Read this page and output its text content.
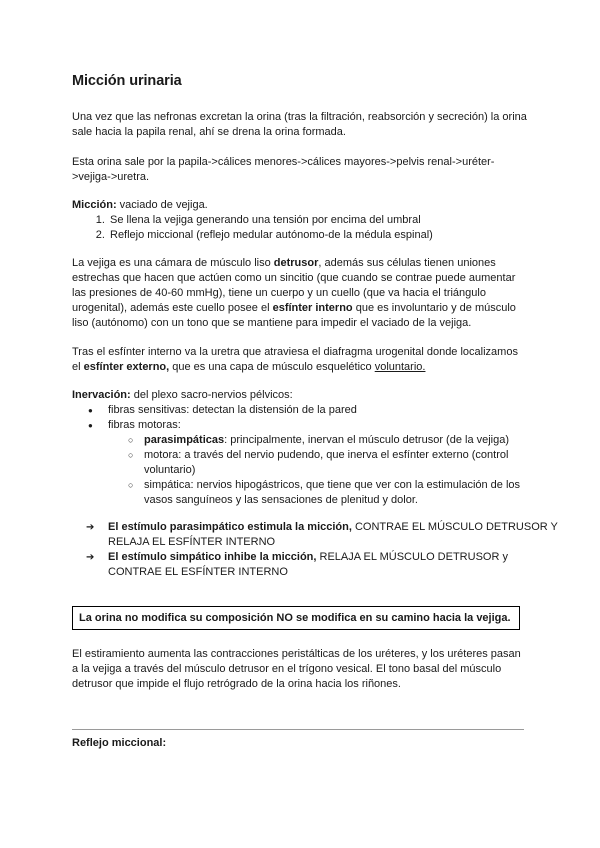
Micción urinaria

Una vez que las nefronas excretan la orina (tras la filtración, reabsorción y secreción) la orina sale hacia la papila renal, ahí se drena la orina formada.

Esta orina sale por la papila->cálices menores->cálices mayores->pelvis renal->uréter->vejiga->uretra.

Micción: vaciado de vejiga.

1. Se llena la vejiga generando una tensión por encima del umbral
2. Reflejo miccional (reflejo medular autónomo-de la médula espinal)

La vejiga es una cámara de músculo liso detrusor, además sus células tienen uniones estrechas que hacen que actúen como un sincitio (que cuando se contrae puede aumentar las presiones de 40-60 mmHg), tiene un cuerpo y un cuello (que va hacia el triángulo urogenital), además este cuello posee el esfínter interno que es involuntario y de músculo liso (autónomo) con un tono que se mantiene para impedir el vaciado de la vejiga.

Tras el esfínter interno va la uretra que atraviesa el diafragma urogenital donde localizamos el esfínter externo, que es una capa de músculo esquelético voluntario.

Inervación: del plexo sacro-nervios pélvicos:

● fibras sensitivas: detectan la distensión de la pared
● fibras motoras:
○ parasimpáticas: principalmente, inervan el músculo detrusor (de la vejiga)
○ motora: a través del nervio pudendo, que inerva el esfínter externo (control voluntario)
○ simpática: nervios hipogástricos, que tiene que ver con la estimulación de los vasos sanguíneos y las sensaciones de plenitud y dolor.
➔ El estímulo parasimpático estimula la micción, CONTRAE EL MÚSCULO DETRUSOR Y RELAJA EL ESFÍNTER INTERNO
➔ El estímulo simpático inhibe la micción, RELAJA EL MÚSCULO DETRUSOR y CONTRAE EL ESFÍNTER INTERNO
La orina no modifica su composición NO se modifica en su camino hacia la vejiga.

El estiramiento aumenta las contracciones peristálticas de los uréteres, y los uréteres pasan a la vejiga a través del músculo detrusor en el trígono vesical. El tono basal del músculo detrusor que impide el flujo retrógrado de la orina hacia los riñones.

Reflejo miccional:
